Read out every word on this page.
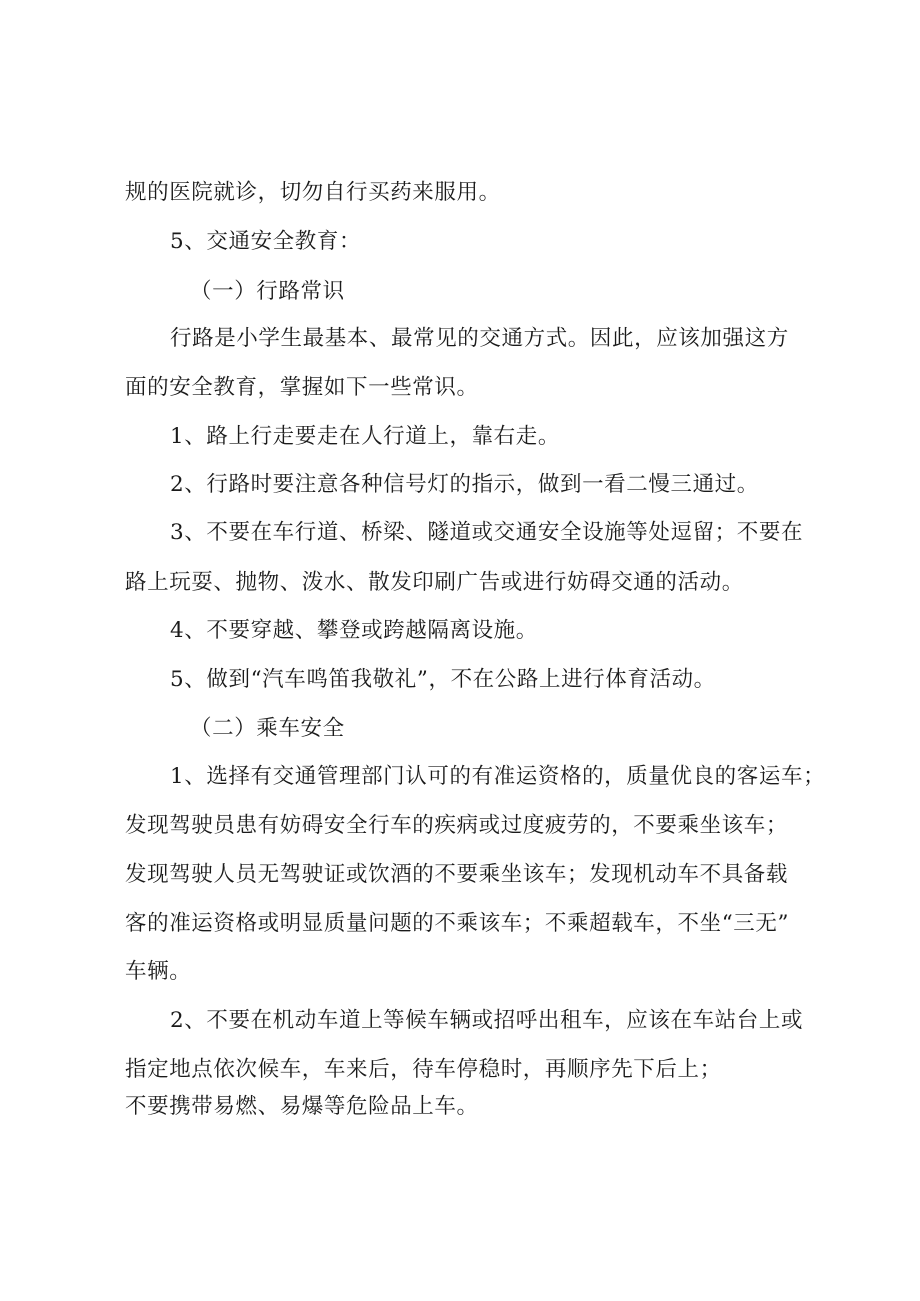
规的医院就诊，切勿自行买药来服用。
5、交通安全教育：
（一）行路常识
行路是小学生最基本、最常见的交通方式。因此，应该加强这方
面的安全教育，掌握如下一些常识。
1、路上行走要走在人行道上，靠右走。
2、行路时要注意各种信号灯的指示，做到一看二慢三通过。
3、不要在车行道、桥梁、隧道或交通安全设施等处逗留；不要在
路上玩耍、抛物、泼水、散发印刷广告或进行妨碍交通的活动。
4、不要穿越、攀登或跨越隔离设施。
5、做到“汽车鸣笛我敬礼”，不在公路上进行体育活动。
（二）乘车安全
1、选择有交通管理部门认可的有准运资格的，质量优良的客运车；
发现驾驶员患有妨碍安全行车的疾病或过度疲劳的，不要乘坐该车；
发现驾驶人员无驾驶证或饮酒的不要乘坐该车；发现机动车不具备载
客的准运资格或明显质量问题的不乘该车；不乘超载车，不坐“三无”
车辆。
2、不要在机动车道上等候车辆或招呼出租车，应该在车站台上或
指定地点依次候车，车来后，待车停稳时，再顺序先下后上；
不要携带易燃、易爆等危险品上车。
